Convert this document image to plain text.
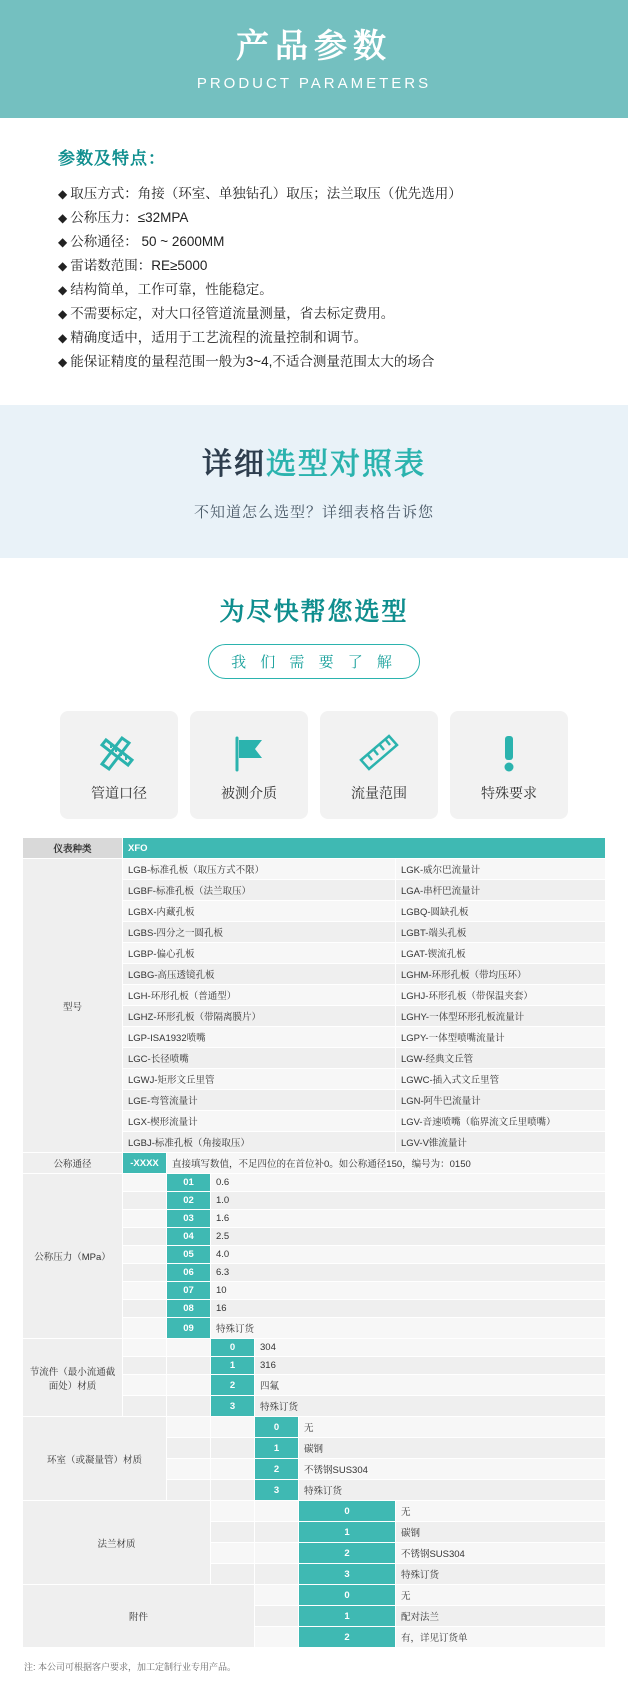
产品参数
PRODUCT PARAMETERS
参数及特点：
◆ 取压方式：角接（环室、单独钻孔）取压；法兰取压（优先选用）
◆ 公称压力：≤32MPA
◆ 公称通径： 50 ~ 2600MM
◆ 雷诺数范围：RE≥5000
◆ 结构简单，工作可靠，性能稳定。
◆ 不需要标定，对大口径管道流量测量，省去标定费用。
◆ 精确度适中，适用于工艺流程的流量控制和调节。
◆ 能保证精度的量程范围一般为3~4,不适合测量范围太大的场合
详细选型对照表
不知道怎么选型？详细表格告诉您
为尽快帮您选型
我 们 需 要 了 解
管道口径	被测介质	流量范围	特殊要求
仪表种类	XFO					
型号	LGB-标准孔板（取压方式不限）					LGK-威尔巴流量计
	LGBF-标准孔板（法兰取压）					LGA-串杆巴流量计
	LGBX-内藏孔板					LGBQ-圆缺孔板
	LGBS-四分之一圆孔板					LGBT-端头孔板
	LGBP-偏心孔板					LGAT-锲流孔板
	LGBG-高压透镜孔板					LGHM-环形孔板（带均压环）
	LGH-环形孔板（普通型）					LGHJ-环形孔板（带保温夹套）
	LGHZ-环形孔板（带隔离膜片）					LGHY-一体型环形孔板流量计
	LGP-ISA1932喷嘴					LGPY-一体型喷嘴流量计
	LGC-长径喷嘴					LGW-经典文丘管
	LGWJ-矩形文丘里管					LGWC-插入式文丘里管
	LGE-弯管流量计					LGN-阿牛巴流量计
	LGX-楔形流量计					LGV-音速喷嘴（临界流文丘里喷嘴）
	LGBJ-标准孔板（角接取压）					LGV-V锥流量计
公称通径	-XXXX	直接填写数值，不足四位的在首位补0。如公称通径150，编号为：0150				
公称压力（MPa）		01	0.6			
		02	1.0			
		03	1.6			
		04	2.5			
		05	4.0			
		06	6.3			
		07	10			
		08	16			
		09	特殊订货			
节流件（最小流通截面处）材质			0	304		
			1	316		
			2	四氟		
			3	特殊订货		
环室（或凝量管）材质				0	无	
				1	碳钢	
				2	不锈钢SUS304	
				3	特殊订货	
法兰材质					0	无
					1	碳钢
					2	不锈钢SUS304
					3	特殊订货
附件					0	无
					1	配对法兰
					2	有，详见订货单
注: 本公司可根据客户要求，加工定制行业专用产品。
